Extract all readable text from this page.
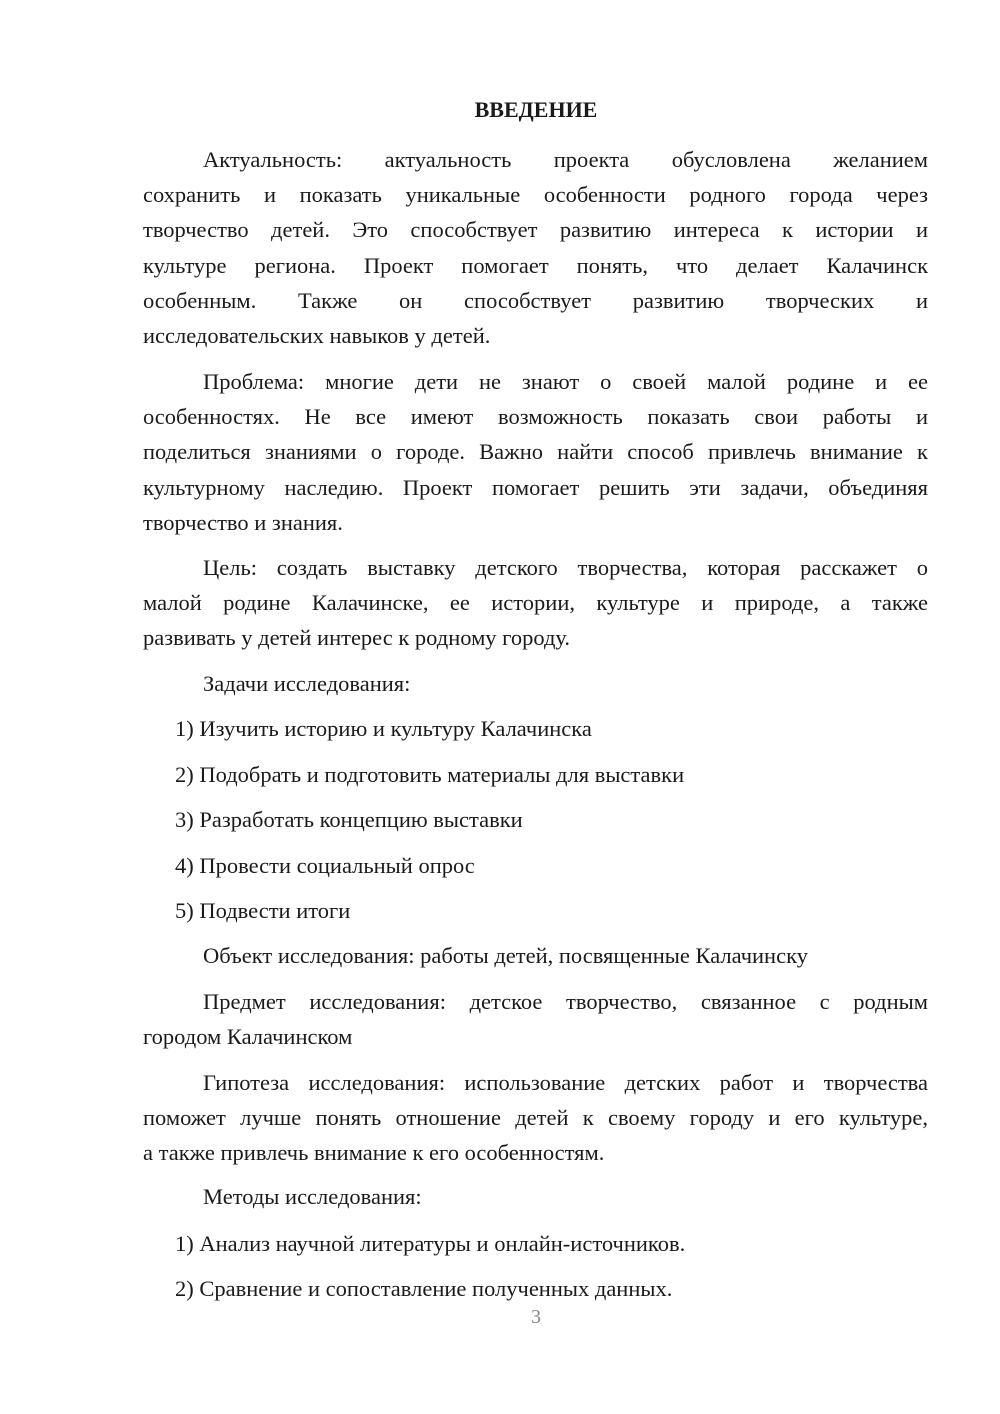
ВВЕДЕНИЕ
Актуальность: актуальность проекта обусловлена желанием
сохранить и показать уникальные особенности родного города через
творчество детей. Это способствует развитию интереса к истории и
культуре региона. Проект помогает понять, что делает Калачинск
особенным. Также он способствует развитию творческих и
исследовательских навыков у детей.
Проблема: многие дети не знают о своей малой родине и ее
особенностях. Не все имеют возможность показать свои работы и
поделиться знаниями о городе. Важно найти способ привлечь внимание к
культурному наследию. Проект помогает решить эти задачи, объединяя
творчество и знания.
Цель: создать выставку детского творчества, которая расскажет о
малой родине Калачинске, ее истории, культуре и природе, а также
развивать у детей интерес к родному городу.
Задачи исследования:
1) Изучить историю и культуру Калачинска
2) Подобрать и подготовить материалы для выставки
3) Разработать концепцию выставки
4) Провести социальный опрос
5) Подвести итоги
Объект исследования: работы детей, посвященные Калачинску
Предмет исследования: детское творчество, связанное с родным
городом Калачинском
Гипотеза исследования: использование детских работ и творчества
поможет лучше понять отношение детей к своему городу и его культуре,
а также привлечь внимание к его особенностям.
Методы исследования:
1) Анализ научной литературы и онлайн-источников.
2) Сравнение и сопоставление полученных данных.
3
